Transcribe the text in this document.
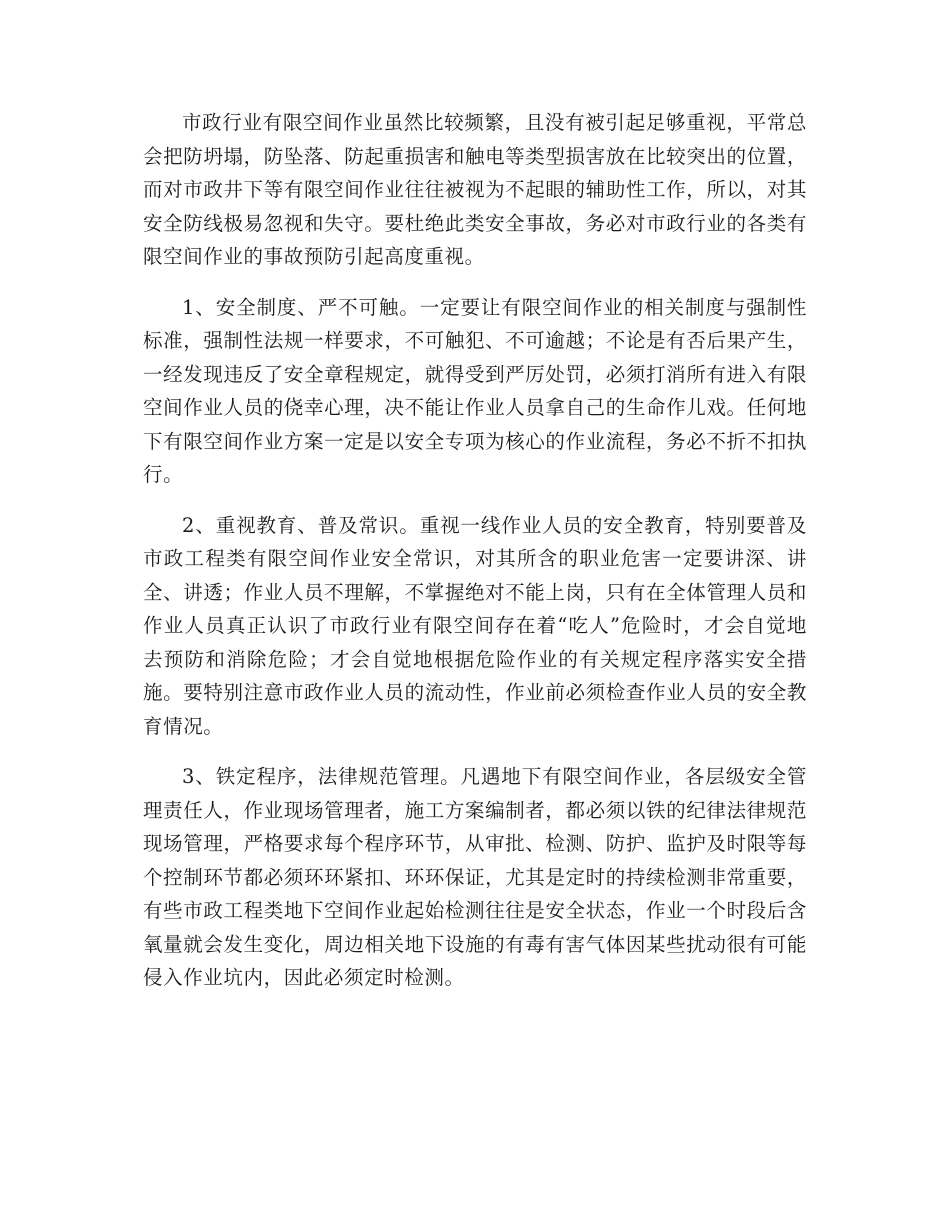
市政行业有限空间作业虽然比较频繁，且没有被引起足够重视，平常总会把防坍塌，防坠落、防起重损害和触电等类型损害放在比较突出的位置，而对市政井下等有限空间作业往往被视为不起眼的辅助性工作，所以，对其安全防线极易忽视和失守。要杜绝此类安全事故，务必对市政行业的各类有限空间作业的事故预防引起高度重视。

1、安全制度、严不可触。一定要让有限空间作业的相关制度与强制性标准，强制性法规一样要求，不可触犯、不可逾越；不论是有否后果产生，一经发现违反了安全章程规定，就得受到严厉处罚，必须打消所有进入有限空间作业人员的侥幸心理，决不能让作业人员拿自己的生命作儿戏。任何地下有限空间作业方案一定是以安全专项为核心的作业流程，务必不折不扣执行。

2、重视教育、普及常识。重视一线作业人员的安全教育，特别要普及市政工程类有限空间作业安全常识，对其所含的职业危害一定要讲深、讲全、讲透；作业人员不理解，不掌握绝对不能上岗，只有在全体管理人员和作业人员真正认识了市政行业有限空间存在着“吃人”危险时，才会自觉地去预防和消除危险；才会自觉地根据危险作业的有关规定程序落实安全措施。要特别注意市政作业人员的流动性，作业前必须检查作业人员的安全教育情况。

3、铁定程序，法律规范管理。凡遇地下有限空间作业，各层级安全管理责任人，作业现场管理者，施工方案编制者，都必须以铁的纪律法律规范现场管理，严格要求每个程序环节，从审批、检测、防护、监护及时限等每个控制环节都必须环环紧扣、环环保证，尤其是定时的持续检测非常重要，有些市政工程类地下空间作业起始检测往往是安全状态，作业一个时段后含氧量就会发生变化，周边相关地下设施的有毒有害气体因某些扰动很有可能侵入作业坑内，因此必须定时检测。
